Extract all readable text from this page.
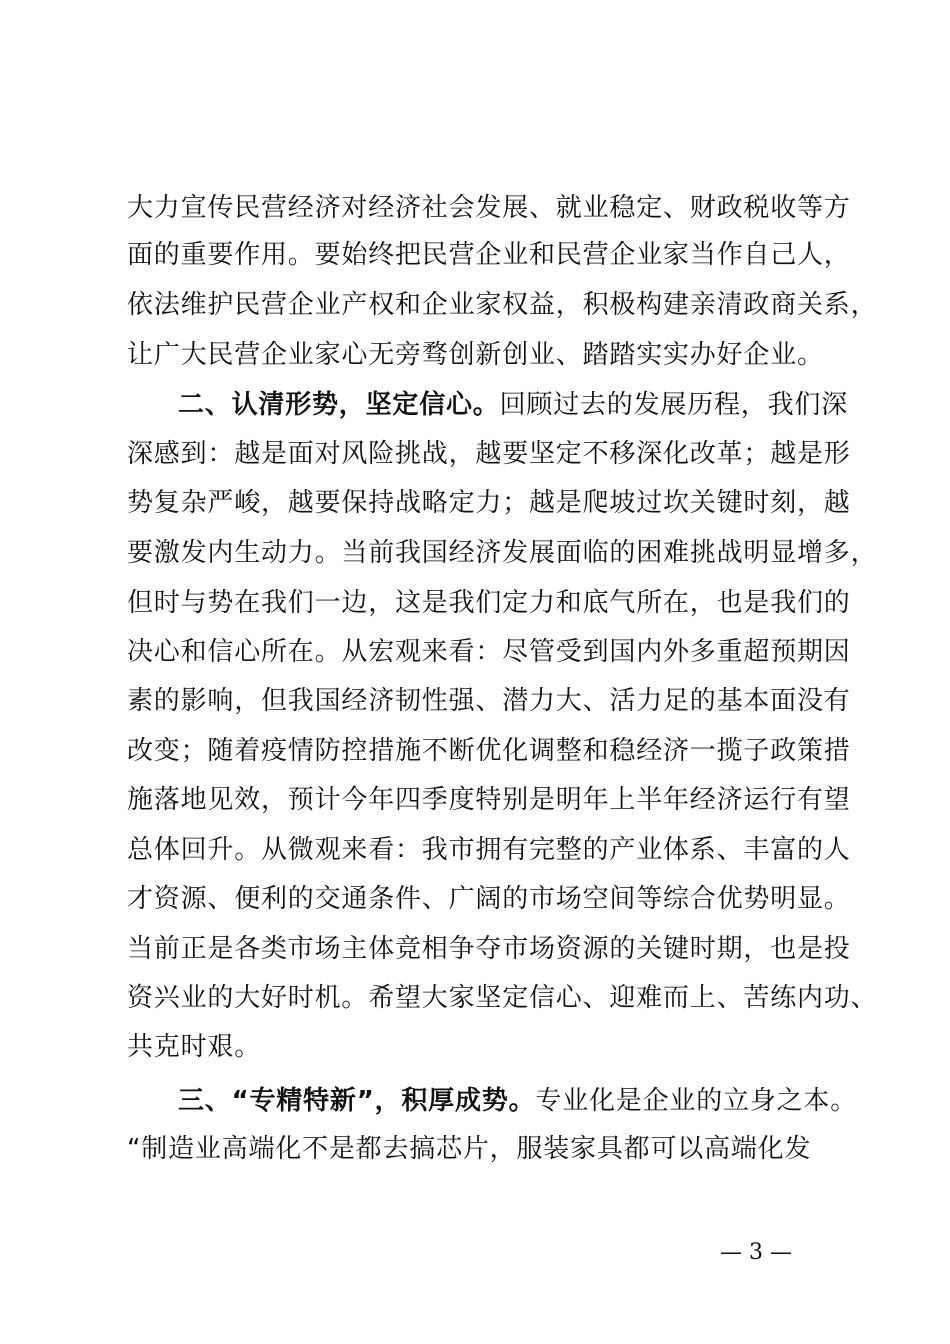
大力宣传民营经济对经济社会发展、就业稳定、财政税收等方
面的重要作用。要始终把民营企业和民营企业家当作自己人，
依法维护民营企业产权和企业家权益，积极构建亲清政商关系，
让广大民营企业家心无旁骛创新创业、踏踏实实办好企业。
二、认清形势，坚定信心。回顾过去的发展历程，我们深
深感到：越是面对风险挑战，越要坚定不移深化改革；越是形
势复杂严峻，越要保持战略定力；越是爬坡过坎关键时刻，越
要激发内生动力。当前我国经济发展面临的困难挑战明显增多，
但时与势在我们一边，这是我们定力和底气所在，也是我们的
决心和信心所在。从宏观来看：尽管受到国内外多重超预期因
素的影响，但我国经济韧性强、潜力大、活力足的基本面没有
改变；随着疫情防控措施不断优化调整和稳经济一揽子政策措
施落地见效，预计今年四季度特别是明年上半年经济运行有望
总体回升。从微观来看：我市拥有完整的产业体系、丰富的人
才资源、便利的交通条件、广阔的市场空间等综合优势明显。
当前正是各类市场主体竞相争夺市场资源的关键时期，也是投
资兴业的大好时机。希望大家坚定信心、迎难而上、苦练内功、
共克时艰。
三、“专精特新”，积厚成势。专业化是企业的立身之本。
“制造业高端化不是都去搞芯片，服装家具都可以高端化发
— 3 —
